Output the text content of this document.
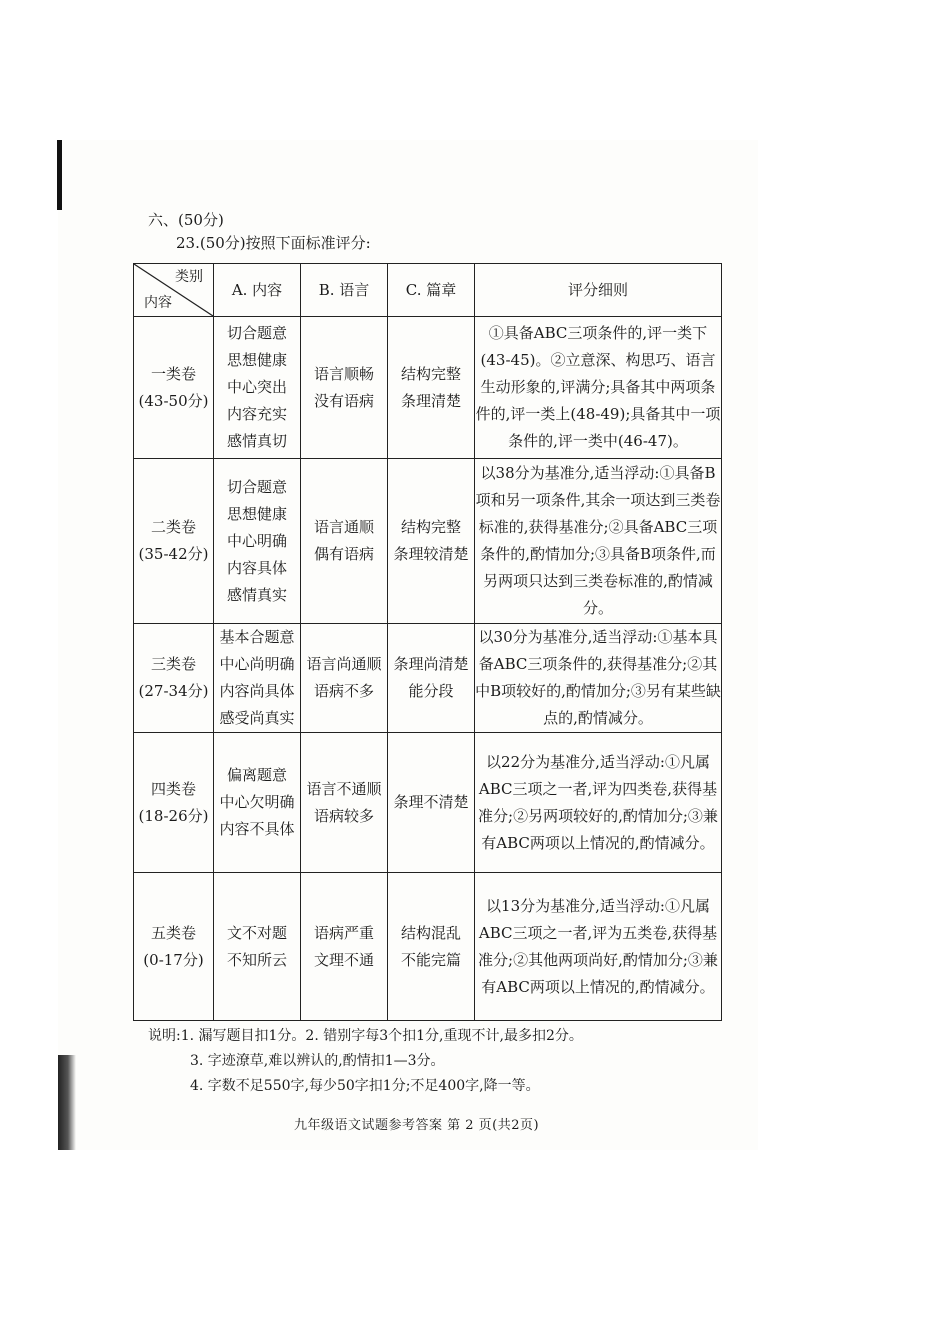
六、(50分)
23.(50分)按照下面标准评分:
类别
内容	A. 内容	B. 语言	C. 篇章	评分细则

一类卷
(43-50分)	切合题意
思想健康
中心突出
内容充实
感情真切	语言顺畅
没有语病	结构完整
条理清楚	①具备ABC三项条件的,评一类下(43-45)。②立意深、构思巧、语言生动形象的,评满分;具备其中两项条件的,评一类上(48-49);具备其中一项条件的,评一类中(46-47)。

二类卷
(35-42分)	切合题意
思想健康
中心明确
内容具体
感情真实	语言通顺
偶有语病	结构完整
条理较清楚	以38分为基准分,适当浮动:①具备B项和另一项条件,其余一项达到三类卷标准的,获得基准分;②具备ABC三项条件的,酌情加分;③具备B项条件,而另两项只达到三类卷标准的,酌情减分。

三类卷
(27-34分)	基本合题意
中心尚明确
内容尚具体
感受尚真实	语言尚通顺
语病不多	条理尚清楚
能分段	以30分为基准分,适当浮动:①基本具备ABC三项条件的,获得基准分;②其中B项较好的,酌情加分;③另有某些缺点的,酌情减分。

四类卷
(18-26分)	偏离题意
中心欠明确
内容不具体	语言不通顺
语病较多	条理不清楚	以22分为基准分,适当浮动:①凡属ABC三项之一者,评为四类卷,获得基准分;②另两项较好的,酌情加分;③兼有ABC两项以上情况的,酌情减分。

五类卷
(0-17分)	文不对题
不知所云	语病严重
文理不通	结构混乱
不能完篇	以13分为基准分,适当浮动:①凡属ABC三项之一者,评为五类卷,获得基准分;②其他两项尚好,酌情加分;③兼有ABC两项以上情况的,酌情减分。
说明:1. 漏写题目扣1分。2. 错别字每3个扣1分,重现不计,最多扣2分。
3. 字迹潦草,难以辨认的,酌情扣1—3分。
4. 字数不足550字,每少50字扣1分;不足400字,降一等。
九年级语文试题参考答案 第 2 页(共2页)
